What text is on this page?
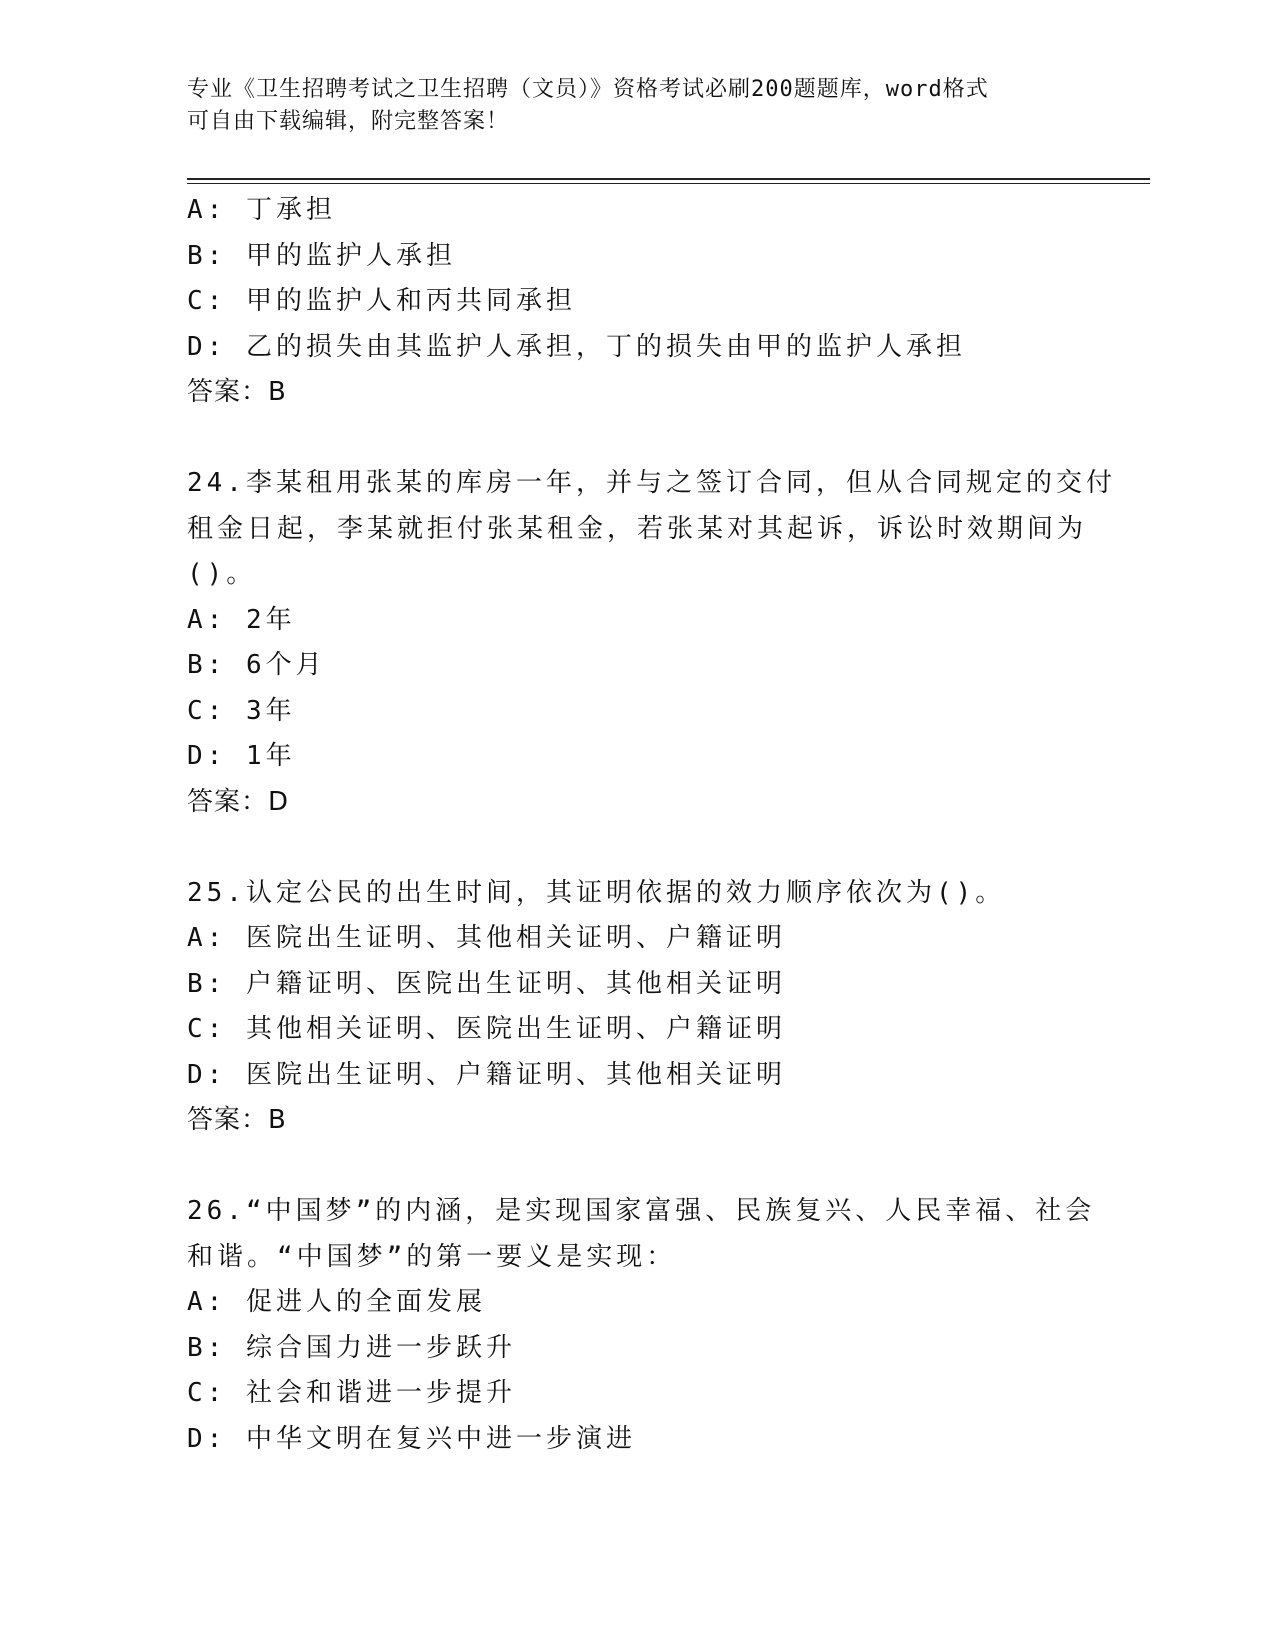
专业《卫生招聘考试之卫生招聘（文员）》资格考试必刷200题题库，word格式
可自由下载编辑，附完整答案！
A: 丁承担
B: 甲的监护人承担
C: 甲的监护人和丙共同承担
D: 乙的损失由其监护人承担，丁的损失由甲的监护人承担
答案：B
24.李某租用张某的库房一年，并与之签订合同，但从合同规定的交付
租金日起，李某就拒付张某租金，若张某对其起诉，诉讼时效期间为
()。
A: 2年
B: 6个月
C: 3年
D: 1年
答案：D
25.认定公民的出生时间，其证明依据的效力顺序依次为()。
A: 医院出生证明、其他相关证明、户籍证明
B: 户籍证明、医院出生证明、其他相关证明
C: 其他相关证明、医院出生证明、户籍证明
D: 医院出生证明、户籍证明、其他相关证明
答案：B
26.“中国梦”的内涵，是实现国家富强、民族复兴、人民幸福、社会
和谐。“中国梦”的第一要义是实现：
A: 促进人的全面发展
B: 综合国力进一步跃升
C: 社会和谐进一步提升
D: 中华文明在复兴中进一步演进
